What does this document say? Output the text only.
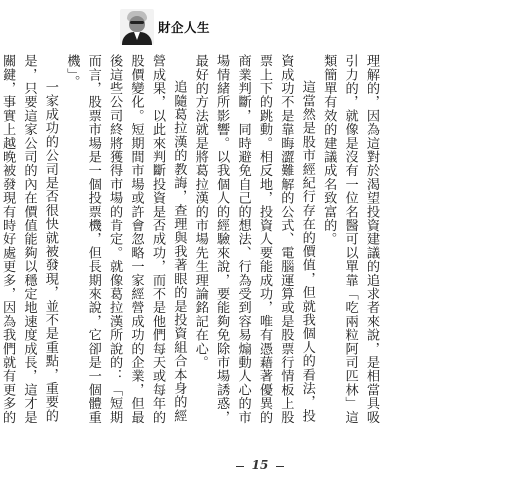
財企人生

理解的，因為這對於渴望投資建議的追求者來說，是相當具吸引力的，就像是沒有一位名醫可以單靠「吃兩粒阿司匹林」這類簡單有效的建議成名致富的。

這當然是股市經紀行存在的價值，但就我個人的看法，投資成功不是靠晦澀難解的公式、電腦運算或是股票行情板上股票上下的跳動。相反地，投資人要能成功，唯有憑藉著優異的商業判斷，同時避免自己的想法、行為受到容易煽動人心的市場情緒所影響。以我個人的經驗來說，要能夠免除市場誘惑，最好的方法就是將葛拉漢的市場先生理論銘記在心。

追隨葛拉漢的教誨，查理與我著眼的是投資組合本身的經營成果，以此來判斷投資是否成功，而不是他們每天或每年的股價變化。短期間市場或許會忽略一家經營成功的企業，但最後這些公司終將獲得市場的肯定。就像葛拉漢所說的：「短期而言，股票市場是一個投票機，但長期來說，它卻是一個體重機」。

一家成功的公司是否很快就被發現，並不是重點，重要的是，只要這家公司的內在價值能夠以穩定地速度成長，這才是關鍵，事實上越晚被發現有時好處更多，因為我們就有更多的

15
